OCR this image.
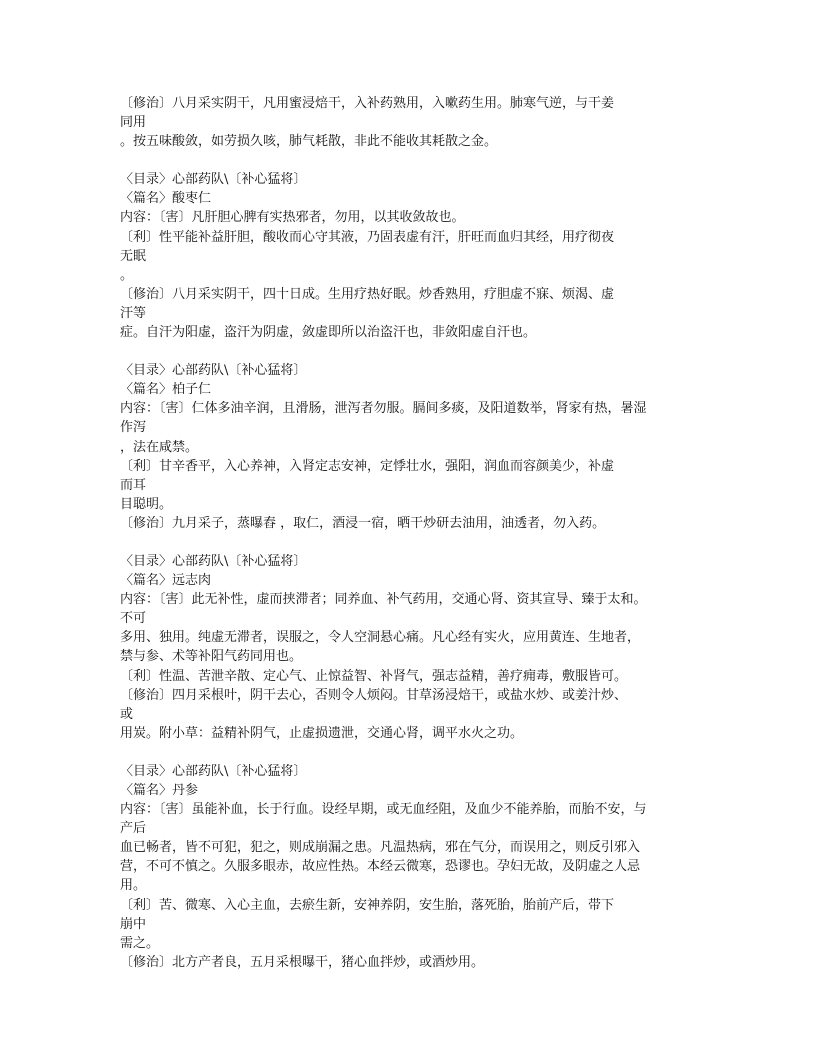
〔修治〕八月采实阴干，凡用蜜浸焙干，入补药熟用，入嗽药生用。肺寒气逆，与干姜
同用
。按五味酸敛，如劳损久咳，肺气耗散，非此不能收其耗散之金。
〈目录〉心部药队\〔补心猛将〕
〈篇名〉酸枣仁
内容：〔害〕凡肝胆心脾有实热邪者，勿用，以其收敛故也。
〔利〕性平能补益肝胆，酸收而心守其液，乃固表虚有汗，肝旺而血归其经，用疗彻夜
无眠
。
〔修治〕八月采实阴干，四十日成。生用疗热好眠。炒香熟用，疗胆虚不寐、烦渴、虚
汗等
症。自汗为阳虚，盗汗为阴虚，敛虚即所以治盗汗也，非敛阳虚自汗也。
〈目录〉心部药队\〔补心猛将〕
〈篇名〉柏子仁
内容：〔害〕仁体多油辛润，且滑肠，泄泻者勿服。膈间多痰，及阳道数举，肾家有热，暑湿
作泻
，法在咸禁。
〔利〕甘辛香平，入心养神，入肾定志安神，定悸壮水，强阳，润血而容颜美少，补虚
而耳
目聪明。
〔修治〕九月采子，蒸曝舂 ，取仁，酒浸一宿，晒干炒研去油用，油透者，勿入药。
〈目录〉心部药队\〔补心猛将〕
〈篇名〉远志肉
内容：〔害〕此无补性，虚而挟滞者；同养血、补气药用，交通心肾、资其宣导、臻于太和。
不可
多用、独用。纯虚无滞者，误服之，令人空洞悬心痛。凡心经有实火，应用黄连、生地者，
禁与参、术等补阳气药同用也。
〔利〕性温、苦泄辛散、定心气、止惊益智、补肾气，强志益精，善疗痈毒，敷服皆可。
〔修治〕四月采根叶，阴干去心，否则令人烦闷。甘草汤浸焙干，或盐水炒、或姜汁炒、
或
用炭。附小草：益精补阴气，止虚损遗泄，交通心肾，调平水火之功。
〈目录〉心部药队\〔补心猛将〕
〈篇名〉丹参
内容：〔害〕虽能补血，长于行血。设经早期，或无血经阻，及血少不能养胎，而胎不安，与
产后
血已畅者，皆不可犯，犯之，则成崩漏之患。凡温热病，邪在气分，而误用之，则反引邪入
营，不可不慎之。久服多眼赤，故应性热。本经云微寒，恐谬也。孕妇无故，及阴虚之人忌
用。
〔利〕苦、微寒、入心主血，去瘀生新，安神养阴，安生胎，落死胎，胎前产后，带下
崩中
需之。
〔修治〕北方产者良，五月采根曝干，猪心血拌炒，或酒炒用。
